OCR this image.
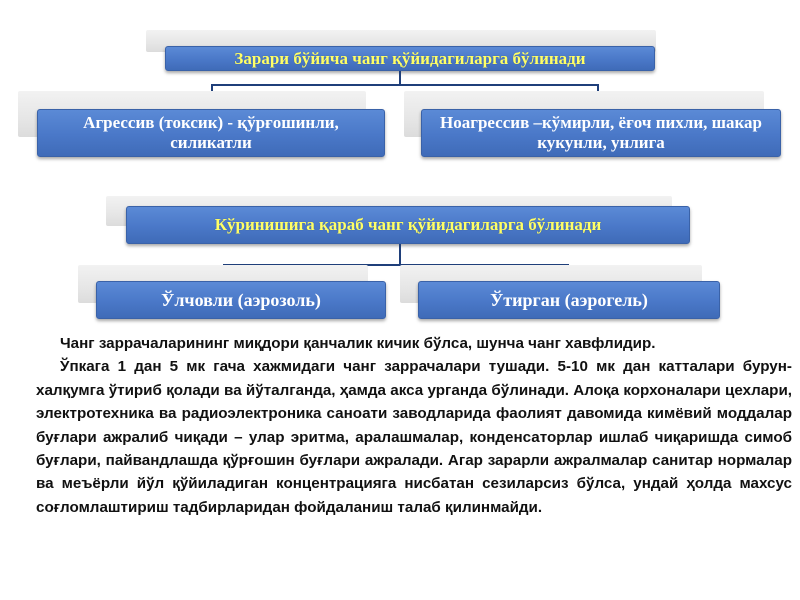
Зарари бўйича чанг қўйидагиларга бўлинади
Агрессив (токсик) - қўрғошинли, силикатли
Ноагрессив –кўмирли, ёғоч пихли, шакар кукунли, унлига
Кўринишига қараб чанг қўйидагиларга бўлинади
Ўлчовли (аэрозоль)	Ўтирган (аэрогель)

Чанг заррачаларининг миқдори қанчалик кичик бўлса, шунча чанг хавфлидир.

Ўпкага 1 дан 5 мк гача хажмидаги чанг заррачалари тушади. 5-10 мк дан катталари бурун- халқумга ўтириб қолади ва йўталганда, ҳамда акса урганда бўлинади. Алоқа корхоналари цехлари, электротехника ва радиоэлектроника саноати заводларида фаолият давомида кимёвий моддалар буғлари ажралиб чиқади – улар эритма, аралашмалар, конденсаторлар ишлаб чиқаришда симоб буғлари, пайвандлашда қўрғошин буғлари ажралади. Агар зарарли ажралмалар санитар нормалар ва меъёрли йўл қўйиладиган концентрацияга нисбатан сезиларсиз бўлса, ундай ҳолда махсус соғломлаштириш тадбирларидан фойдаланиш талаб қилинмайди.
